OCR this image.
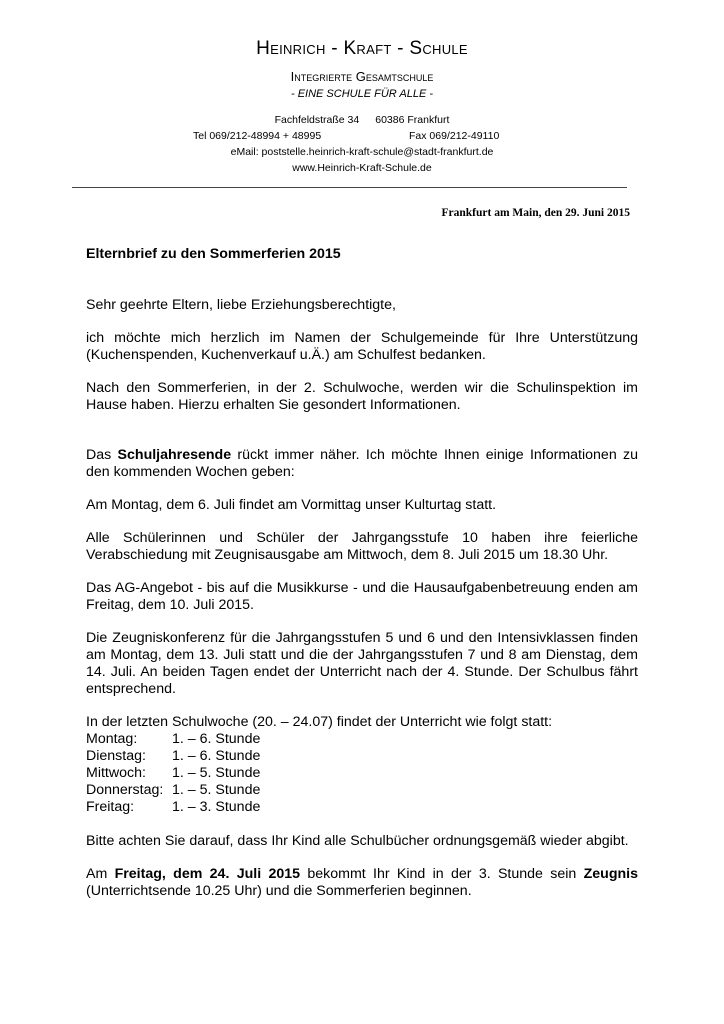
Heinrich - Kraft - Schule
Integrierte Gesamtschule
- EINE SCHULE FÜR ALLE -
Fachfeldstraße 34 60386 Frankfurt
Tel 069/212-48994 + 48995	Fax 069/212-49110
eMail: poststelle.heinrich-kraft-schule@stadt-frankfurt.de
www.Heinrich-Kraft-Schule.de
Frankfurt am Main, den 29. Juni 2015
Elternbrief zu den Sommerferien 2015

Sehr geehrte Eltern, liebe Erziehungsberechtigte,

ich möchte mich herzlich im Namen der Schulgemeinde für Ihre Unterstützung (Kuchenspenden, Kuchenverkauf u.Ä.) am Schulfest bedanken.

Nach den Sommerferien, in der 2. Schulwoche, werden wir die Schulinspektion im Hause haben. Hierzu erhalten Sie gesondert Informationen.

Das Schuljahresende rückt immer näher. Ich möchte Ihnen einige Informationen zu den kommenden Wochen geben:

Am Montag, dem 6. Juli findet am Vormittag unser Kulturtag statt.

Alle Schülerinnen und Schüler der Jahrgangsstufe 10 haben ihre feierliche Verabschiedung mit Zeugnisausgabe am Mittwoch, dem 8. Juli 2015 um 18.30 Uhr.

Das AG-Angebot - bis auf die Musikkurse - und die Hausaufgabenbetreuung enden am Freitag, dem 10. Juli 2015.

Die Zeugniskonferenz für die Jahrgangsstufen 5 und 6 und den Intensivklassen finden am Montag, dem 13. Juli statt und die der Jahrgangsstufen 7 und 8 am Dienstag, dem 14. Juli. An beiden Tagen endet der Unterricht nach der 4. Stunde. Der Schulbus fährt entsprechend.

In der letzten Schulwoche (20. – 24.07) findet der Unterricht wie folgt statt:
Montag:	1. – 6. Stunde
Dienstag:	1. – 6. Stunde
Mittwoch:	1. – 5. Stunde
Donnerstag: 1. – 5. Stunde
Freitag:	1. – 3. Stunde

Bitte achten Sie darauf, dass Ihr Kind alle Schulbücher ordnungsgemäß wieder abgibt.

Am Freitag, dem 24. Juli 2015 bekommt Ihr Kind in der 3. Stunde sein Zeugnis (Unterrichtsende 10.25 Uhr) und die Sommerferien beginnen.
